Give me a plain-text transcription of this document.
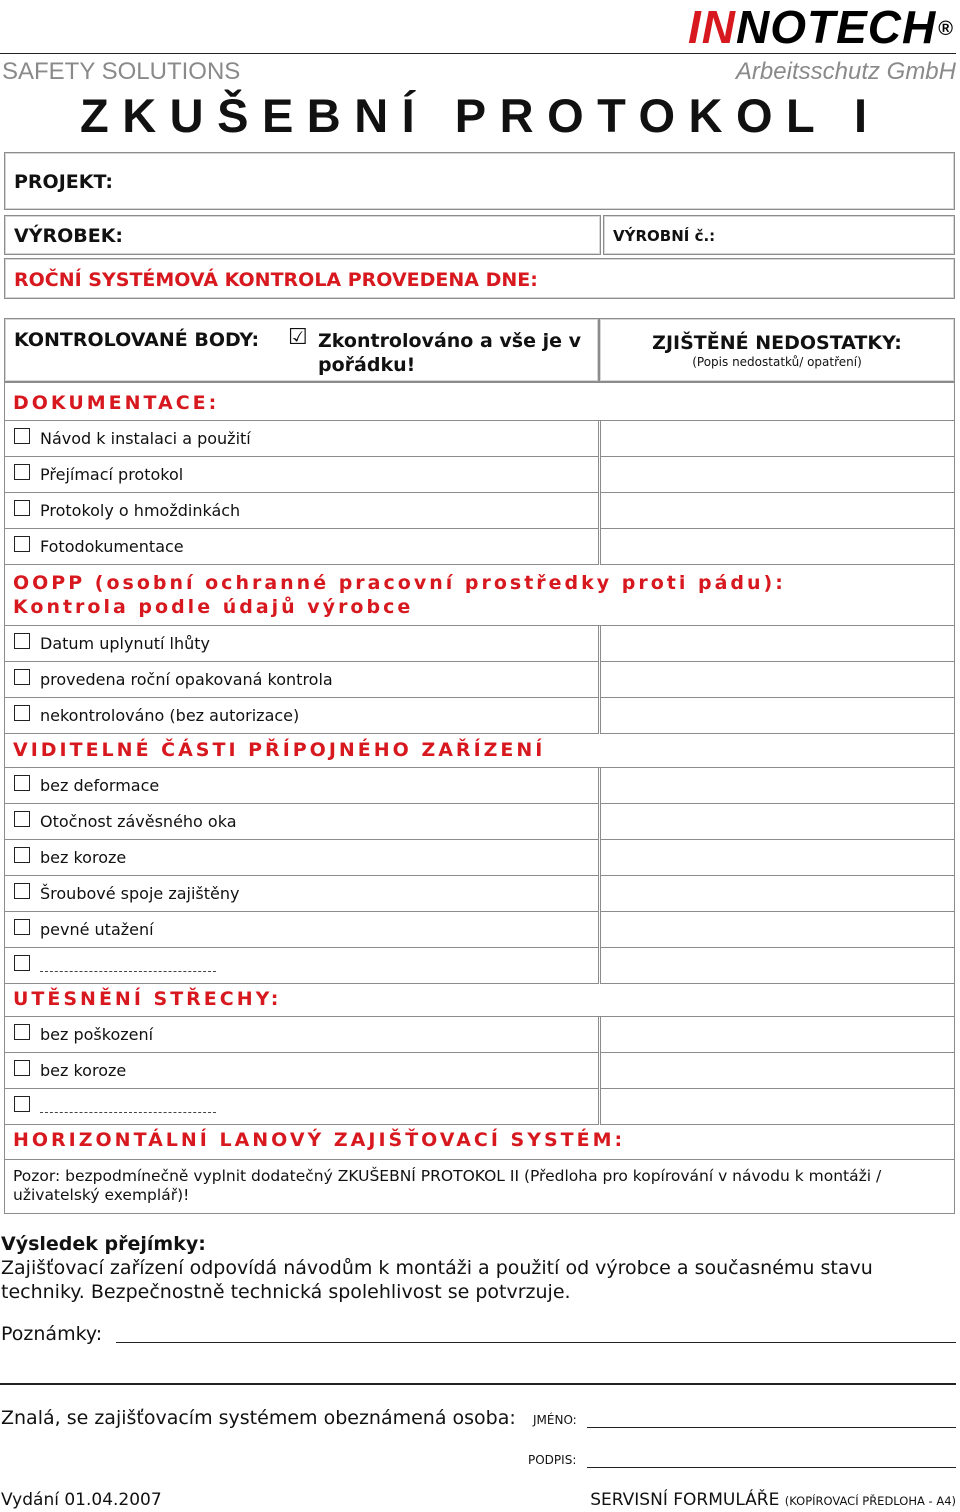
INNOTECH ®
SAFETY SOLUTIONS	Arbeitsschutz GmbH
ZKUŠEBNÍ PROTOKOL I
PROJEKT:
VÝROBEK:	VÝROBNÍ č.:
ROČNÍ SYSTÉMOVÁ KONTROLA PROVEDENA DNE:
KONTROLOVANÉ BODY: ☑ Zkontrolováno a vše je v pořádku!
ZJIŠTĚNÉ NEDOSTATKY:
(Popis nedostatků/ opatření)
DOKUMENTACE:
Návod k instalaci a použití
Přejímací protokol
Protokoly o hmoždinkách
Fotodokumentace
OOPP (osobní ochranné pracovní prostředky proti pádu):
Kontrola podle údajů výrobce
Datum uplynutí lhůty
provedena roční opakovaná kontrola
nekontrolováno (bez autorizace)
VIDITELNÉ ČÁSTI PŘÍPOJNÉHO ZAŘÍZENÍ
bez deformace
Otočnost závěsného oka
bez koroze
Šroubové spoje zajištěny
pevné utažení
UTĚSNĚNÍ STŘECHY:
bez poškození
bez koroze
HORIZONTÁLNÍ LANOVÝ ZAJIŠŤOVACÍ SYSTÉM:
Pozor: bezpodmínečně vyplnit dodatečný ZKUŠEBNÍ PROTOKOL II (Předloha pro kopírování v návodu k montáži /
uživatelský exemplář)!
Výsledek přejímky:
Zajišťovací zařízení odpovídá návodům k montáži a použití od výrobce a současnému stavu
techniky. Bezpečnostně technická spolehlivost se potvrzuje.
Poznámky:
Znalá, se zajišťovacím systémem obeznámená osoba: JMÉNO:
PODPIS:
Vydání 01.04.2007	SERVISNÍ FORMULÁŘE (KOPÍROVACÍ PŘEDLOHA - A4)
